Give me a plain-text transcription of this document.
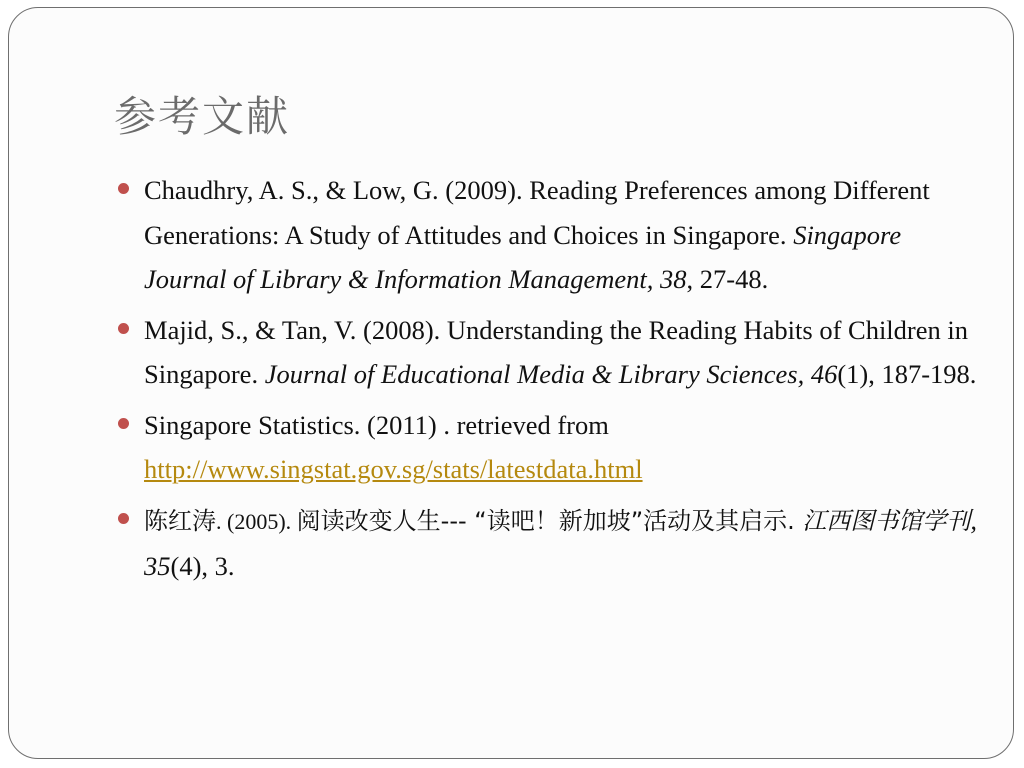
参考文献
Chaudhry, A. S., & Low, G. (2009). Reading Preferences among Different Generations: A Study of Attitudes and Choices in Singapore. Singapore Journal of Library & Information Management, 38, 27-48.
Majid, S., & Tan, V. (2008). Understanding the Reading Habits of Children in Singapore. Journal of Educational Media & Library Sciences, 46(1), 187-198.
Singapore Statistics. (2011) . retrieved from
http://www.singstat.gov.sg/stats/latestdata.html
陈红涛. (2005). 阅读改变人生--- “读吧！新加坡”活动及其启示. 江西图书馆学刊, 35(4), 3.
